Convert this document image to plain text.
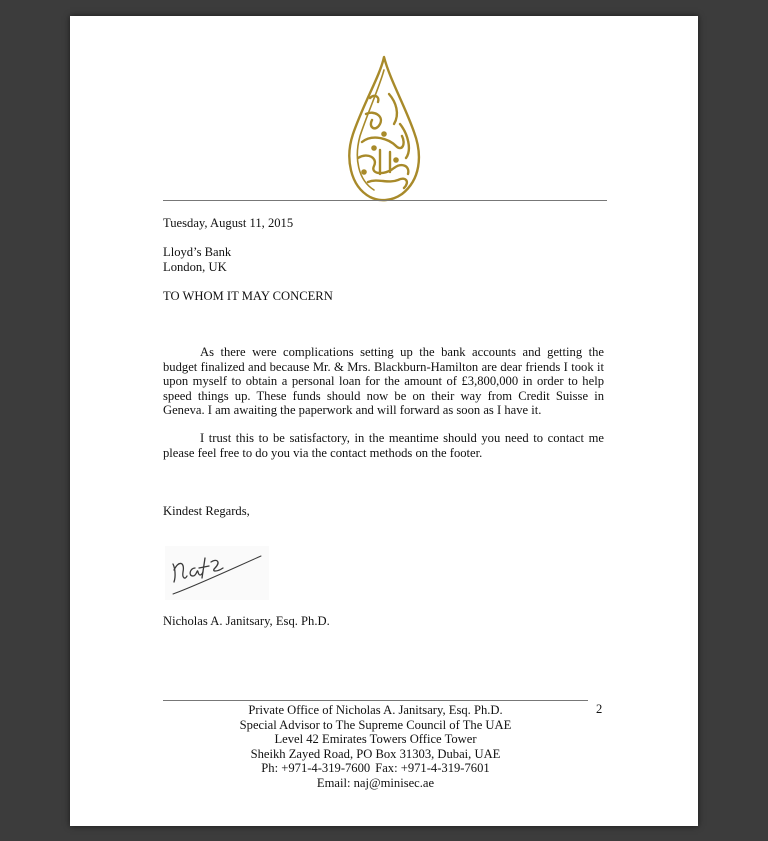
Tuesday, August 11, 2015
Lloyd’s Bank
London, UK
TO WHOM IT MAY CONCERN
As there were complications setting up the bank accounts and getting the budget finalized and because Mr. & Mrs. Blackburn-Hamilton are dear friends I took it upon myself to obtain a personal loan for the amount of £3,800,000 in order to help speed things up. These funds should now be on their way from Credit Suisse in Geneva. I am awaiting the paperwork and will forward as soon as I have it.
I trust this to be satisfactory, in the meantime should you need to contact me please feel free to do you via the contact methods on the footer.
Kindest Regards,
Nicholas A. Janitsary, Esq. Ph.D.
2
Private Office of Nicholas A. Janitsary, Esq. Ph.D.
Special Advisor to The Supreme Council of The UAE
Level 42 Emirates Towers Office Tower
Sheikh Zayed Road, PO Box 31303, Dubai, UAE
Ph: +971-4-319-7600 Fax: +971-4-319-7601
Email: naj@minisec.ae
